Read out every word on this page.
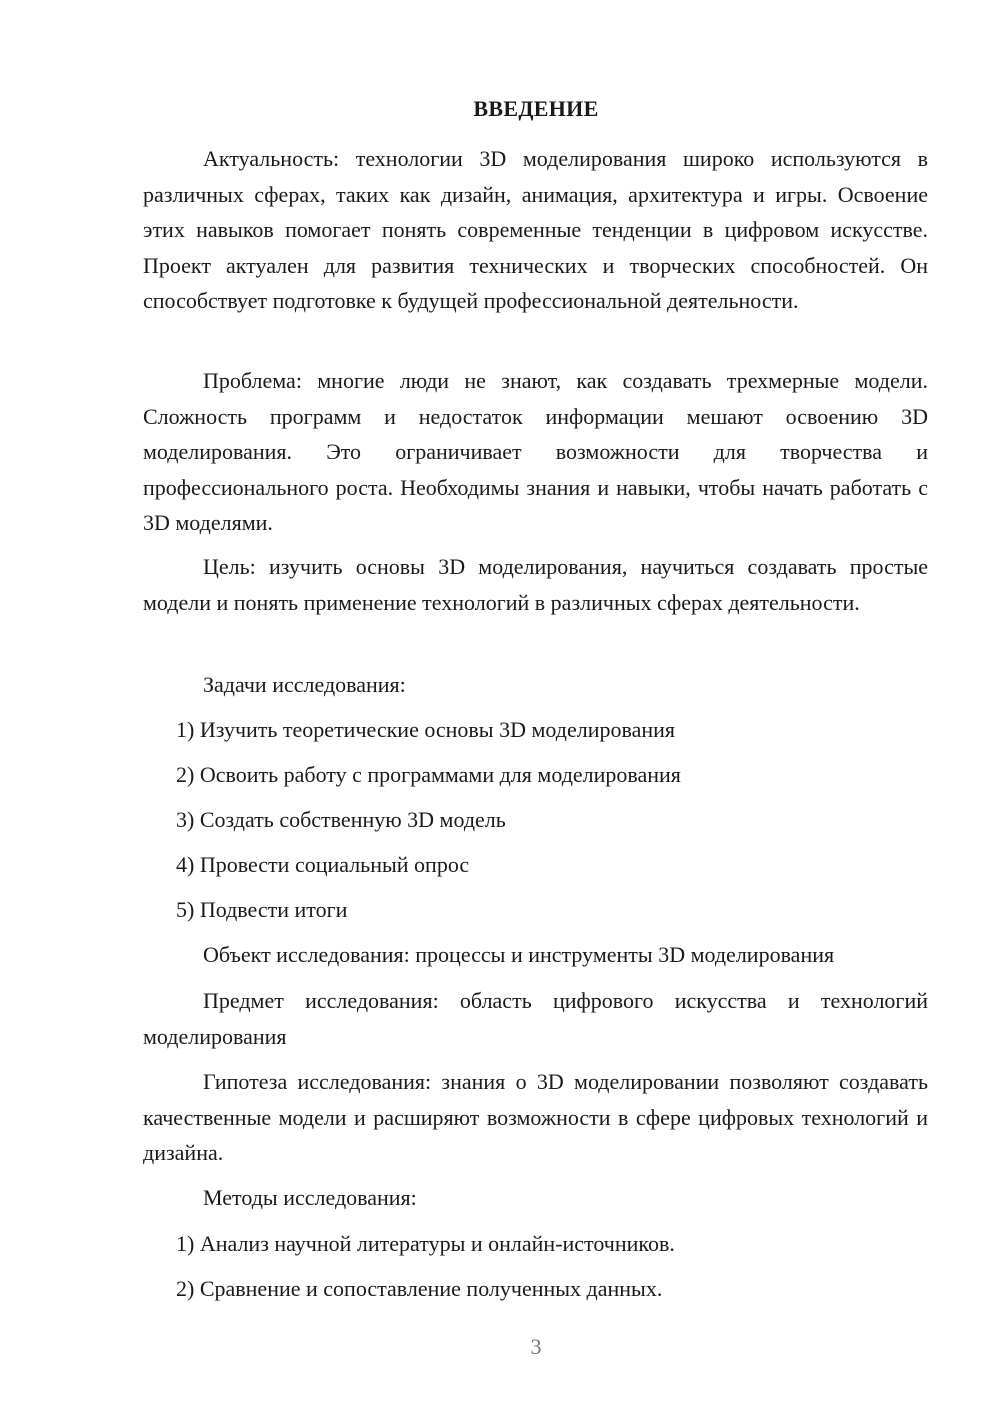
ВВЕДЕНИЕ

Актуальность: технологии 3D моделирования широко используются в различных сферах, таких как дизайн, анимация, архитектура и игры. Освоение этих навыков помогает понять современные тенденции в цифровом искусстве. Проект актуален для развития технических и творческих способностей. Он способствует подготовке к будущей профессиональной деятельности.

Проблема: многие люди не знают, как создавать трехмерные модели. Сложность программ и недостаток информации мешают освоению 3D моделирования. Это ограничивает возможности для творчества и профессионального роста. Необходимы знания и навыки, чтобы начать работать с 3D моделями.

Цель: изучить основы 3D моделирования, научиться создавать простые модели и понять применение технологий в различных сферах деятельности.

Задачи исследования:

1) Изучить теоретические основы 3D моделирования

2) Освоить работу с программами для моделирования

3) Создать собственную 3D модель

4) Провести социальный опрос

5) Подвести итоги

Объект исследования: процессы и инструменты 3D моделирования

Предмет исследования: область цифрового искусства и технологий моделирования

Гипотеза исследования: знания о 3D моделировании позволяют создавать качественные модели и расширяют возможности в сфере цифровых технологий и дизайна.

Методы исследования:

1) Анализ научной литературы и онлайн-источников.

2) Сравнение и сопоставление полученных данных.

3
